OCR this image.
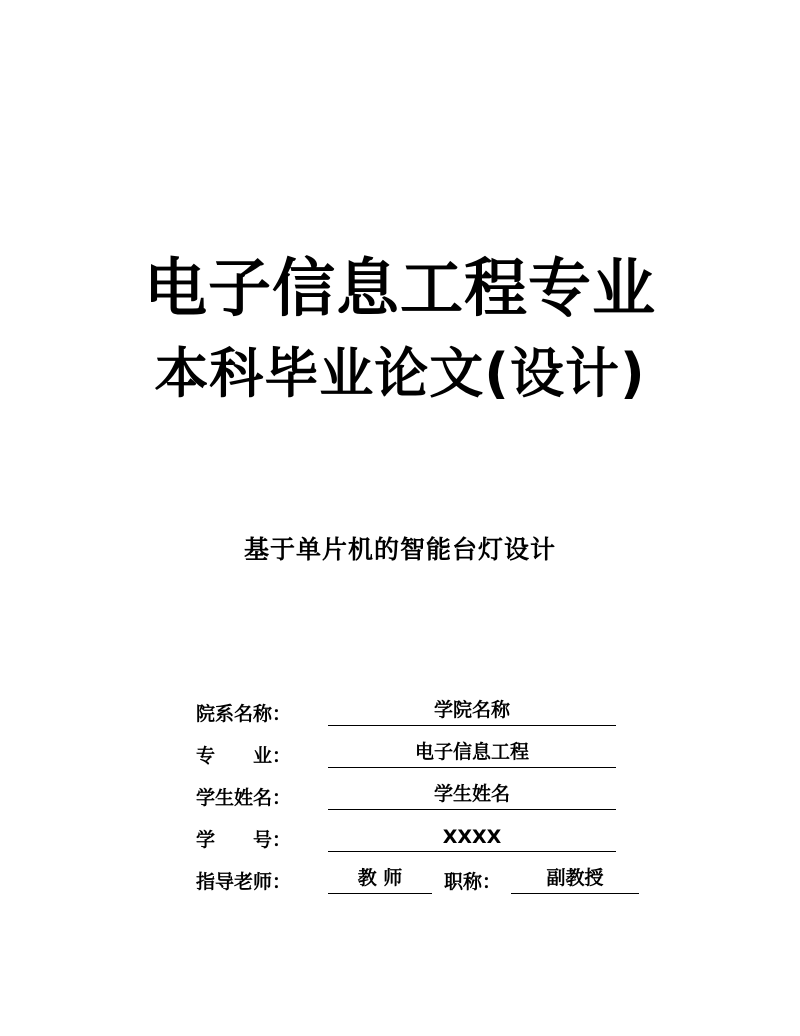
电子信息工程专业
本科毕业论文(设计)
基于单片机的智能台灯设计
院系名称：	学院名称
专　　业：	电子信息工程
学生姓名：	学生姓名
学　　号：	XXXX
指导老师：	教 师	职称：	副教授
